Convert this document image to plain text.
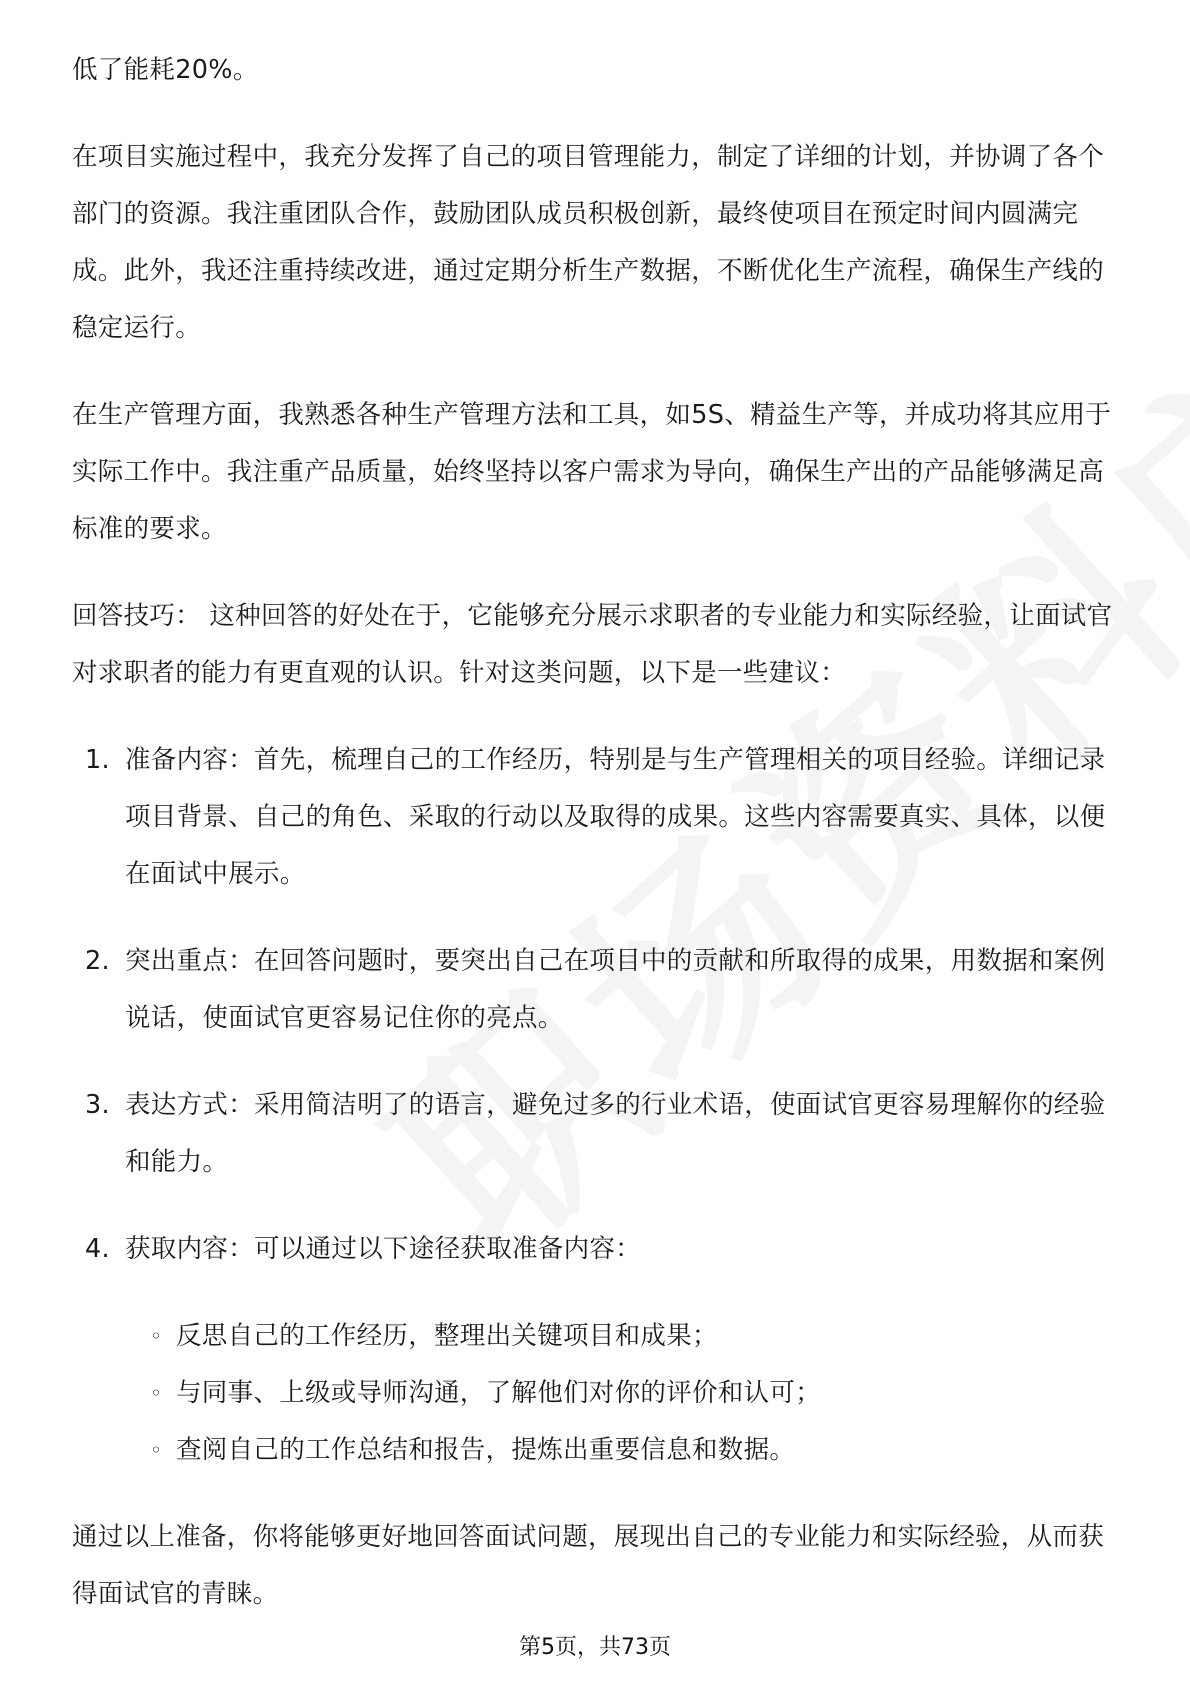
低了能耗20%。

在项目实施过程中，我充分发挥了自己的项目管理能力，制定了详细的计划，并协调了各个部门的资源。我注重团队合作，鼓励团队成员积极创新，最终使项目在预定时间内圆满完成。此外，我还注重持续改进，通过定期分析生产数据，不断优化生产流程，确保生产线的稳定运行。

在生产管理方面，我熟悉各种生产管理方法和工具，如5S、精益生产等，并成功将其应用于实际工作中。我注重产品质量，始终坚持以客户需求为导向，确保生产出的产品能够满足高标准的要求。

回答技巧： 这种回答的好处在于，它能够充分展示求职者的专业能力和实际经验，让面试官对求职者的能力有更直观的认识。针对这类问题，以下是一些建议：

1. 准备内容：首先，梳理自己的工作经历，特别是与生产管理相关的项目经验。详细记录项目背景、自己的角色、采取的行动以及取得的成果。这些内容需要真实、具体，以便在面试中展示。
2. 突出重点：在回答问题时，要突出自己在项目中的贡献和所取得的成果，用数据和案例说话，使面试官更容易记住你的亮点。
3. 表达方式：采用简洁明了的语言，避免过多的行业术语，使面试官更容易理解你的经验和能力。
4. 获取内容：可以通过以下途径获取准备内容：
◦ 反思自己的工作经历，整理出关键项目和成果；
◦ 与同事、上级或导师沟通，了解他们对你的评价和认可；
◦ 查阅自己的工作总结和报告，提炼出重要信息和数据。

通过以上准备，你将能够更好地回答面试问题，展现出自己的专业能力和实际经验，从而获得面试官的青睐。

第5页，共73页
